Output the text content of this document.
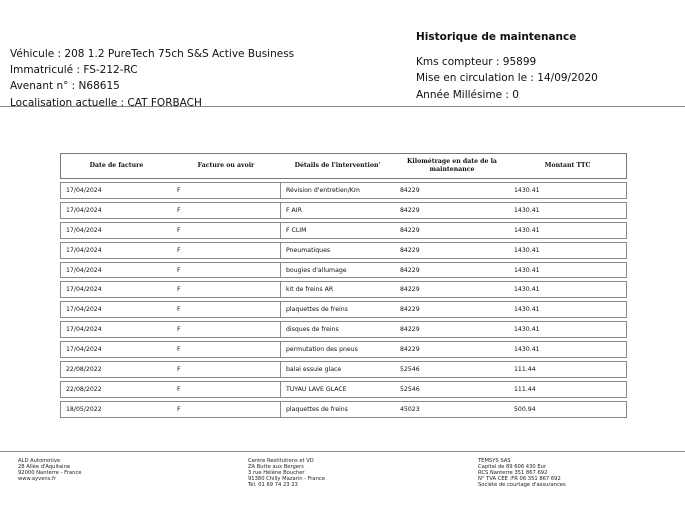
Véhicule : 208 1.2 PureTech 75ch S&S Active Business
Immatriculé : FS-212-RC
Avenant n° : N68615
Localisation actuelle : CAT FORBACH
Historique de maintenance
Kms compteur : 95899
Mise en circulation le : 14/09/2020
Année Millésime : 0
Date de facture	Facture ou avoir	Détails de l'intervention'	Kilométrage en date de la maintenance	Montant TTC
17/04/2024	F	Révision d'entretien/Km	84229	1430.41
17/04/2024	F	F AIR	84229	1430.41
17/04/2024	F	F CLIM	84229	1430.41
17/04/2024	F	Pneumatiques	84229	1430.41
17/04/2024	F	bougies d'allumage	84229	1430.41
17/04/2024	F	kit de freins AR	84229	1430.41
17/04/2024	F	plaquettes de freins	84229	1430.41
17/04/2024	F	disques de freins	84229	1430.41
17/04/2024	F	permutation des pneus	84229	1430.41
22/08/2022	F	balai essuie glace	52546	111.44
22/08/2022	F	TUYAU LAVE GLACE	52546	111.44
18/05/2022	F	plaquettes de freins	45023	500.94
ALD Automotive
28 Allée d'Aquitaine
92000 Nanterre - France
www.ayvens.fr
Centre Restitutions et VO
ZA Butte aux Bergers
3 rue Hélène Boucher
91380 Chilly Mazarin - France
Tél. 01 69 74 23 23
TEMSYS SAS
Capital de 89 606 430 Eur
RCS Nanterre 351 867 692
N° TVA CEE :FR 06 351 867 692
Société de courtage d'assurances
